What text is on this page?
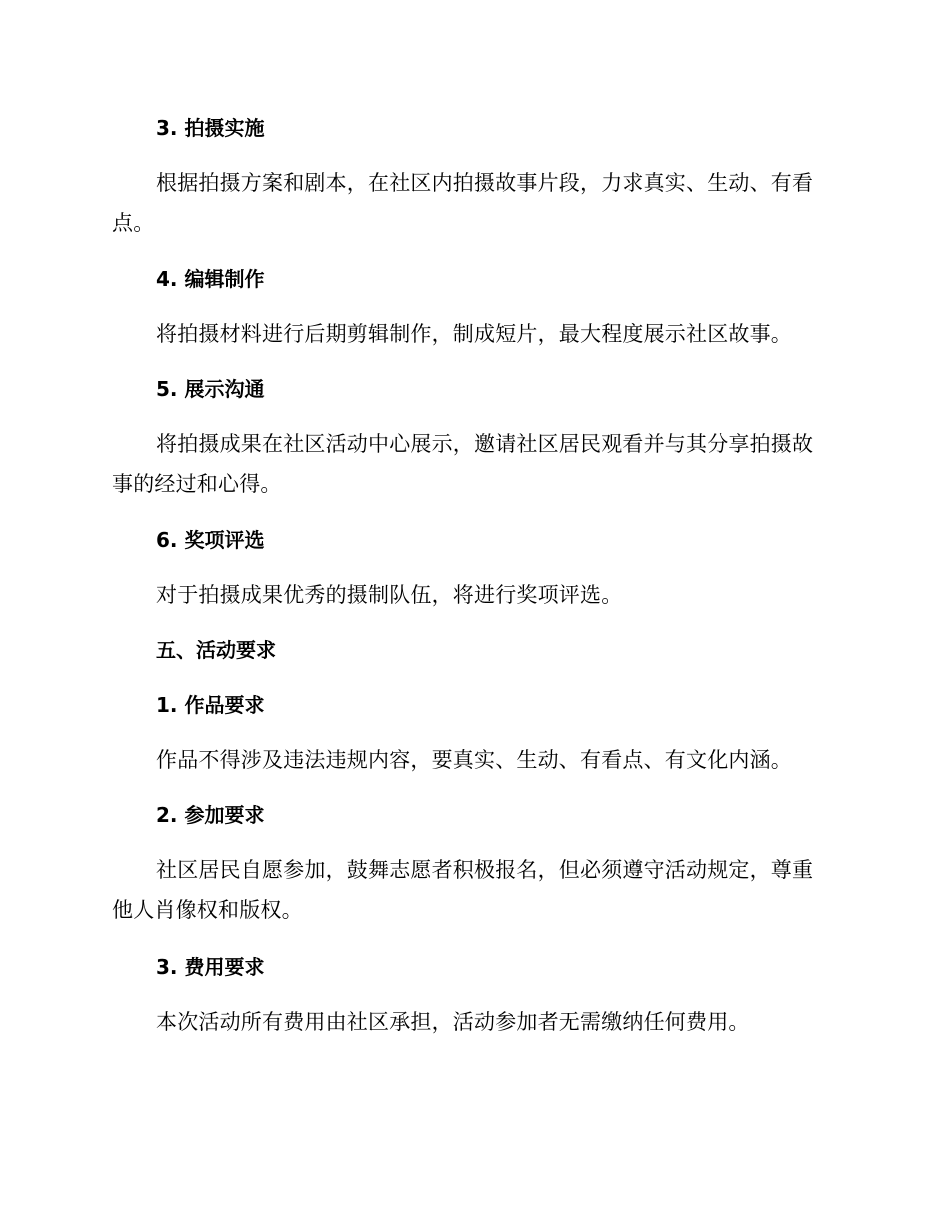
3. 拍摄实施
根据拍摄方案和剧本，在社区内拍摄故事片段，力求真实、生动、有看点。
4. 编辑制作
将拍摄材料进行后期剪辑制作，制成短片，最大程度展示社区故事。
5. 展示沟通
将拍摄成果在社区活动中心展示，邀请社区居民观看并与其分享拍摄故事的经过和心得。
6. 奖项评选
对于拍摄成果优秀的摄制队伍，将进行奖项评选。
五、活动要求
1. 作品要求
作品不得涉及违法违规内容，要真实、生动、有看点、有文化内涵。
2. 参加要求
社区居民自愿参加，鼓舞志愿者积极报名，但必须遵守活动规定，尊重他人肖像权和版权。
3. 费用要求
本次活动所有费用由社区承担，活动参加者无需缴纳任何费用。
